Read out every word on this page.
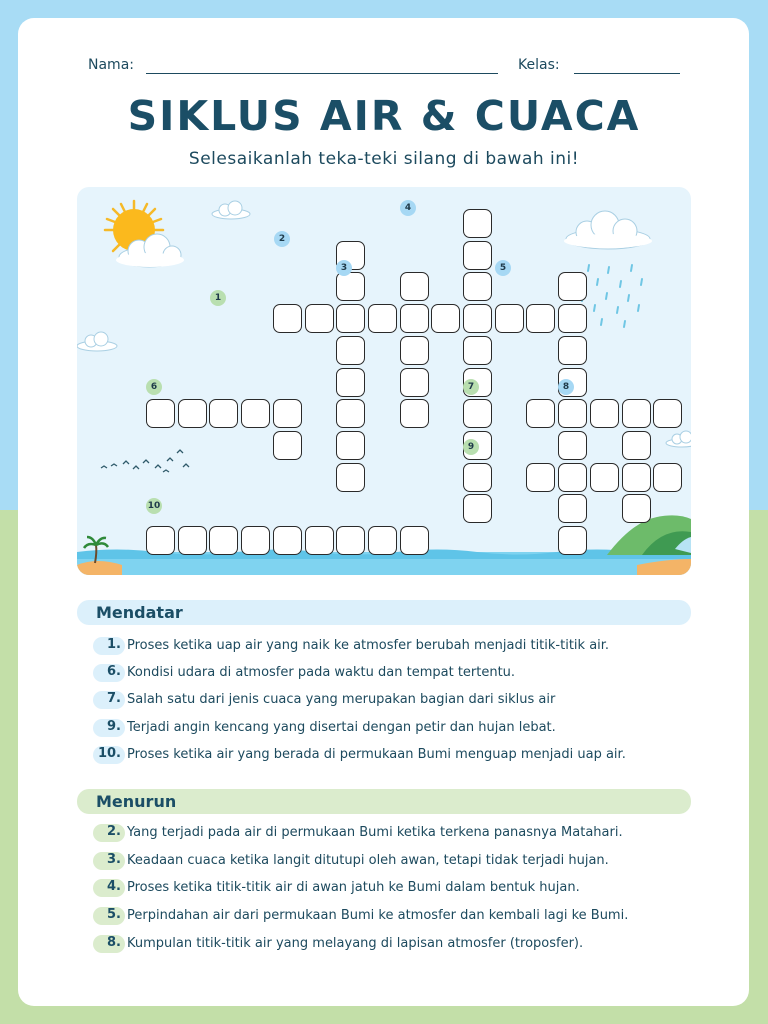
Nama:	Kelas:
SIKLUS AIR & CUACA
Selesaikanlah teka-teki silang di bawah ini!
1
2
3
4
5
6	7	8
9
10
Mendatar
1. Proses ketika uap air yang naik ke atmosfer berubah menjadi titik-titik air.
6. Kondisi udara di atmosfer pada waktu dan tempat tertentu.
7. Salah satu dari jenis cuaca yang merupakan bagian dari siklus air
9. Terjadi angin kencang yang disertai dengan petir dan hujan lebat.
10. Proses ketika air yang berada di permukaan Bumi menguap menjadi uap air.
Menurun
2. Yang terjadi pada air di permukaan Bumi ketika terkena panasnya Matahari.
3. Keadaan cuaca ketika langit ditutupi oleh awan, tetapi tidak terjadi hujan.
4. Proses ketika titik-titik air di awan jatuh ke Bumi dalam bentuk hujan.
5. Perpindahan air dari permukaan Bumi ke atmosfer dan kembali lagi ke Bumi.
8. Kumpulan titik-titik air yang melayang di lapisan atmosfer (troposfer).
